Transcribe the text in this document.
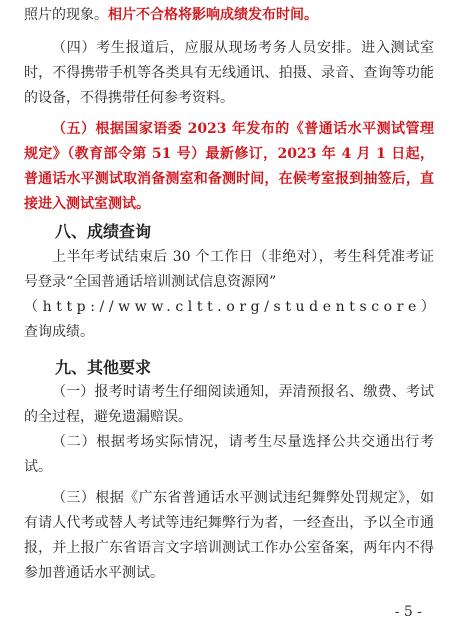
照片的现象。相片不合格将影响成绩发布时间。

（四）考生报道后，应服从现场考务人员安排。进入测试室时，不得携带手机等各类具有无线通讯、拍摄、录音、查询等功能的设备，不得携带任何参考资料。

（五）根据国家语委 2023 年发布的《普通话水平测试管理规定》（教育部令第 51 号）最新修订，2023 年 4 月 1 日起，普通话水平测试取消备测室和备测时间，在候考室报到抽签后，直接进入测试室测试。

八、成绩查询

上半年考试结束后 30 个工作日（非绝对），考生科凭准考证号登录“全国普通话培训测试信息资源网”

（http://www.cltt.org/studentscore）

查询成绩。

九、其他要求

（一）报考时请考生仔细阅读通知，弄清预报名、缴费、考试的全过程，避免遗漏赔误。

（二）根据考场实际情况，请考生尽量选择公共交通出行考试。

（三）根据《广东省普通话水平测试违纪舞弊处罚规定》，如有请人代考或替人考试等违纪舞弊行为者，一经查出，予以全市通报，并上报广东省语言文字培训测试工作办公室备案，两年内不得参加普通话水平测试。

- 5 -
